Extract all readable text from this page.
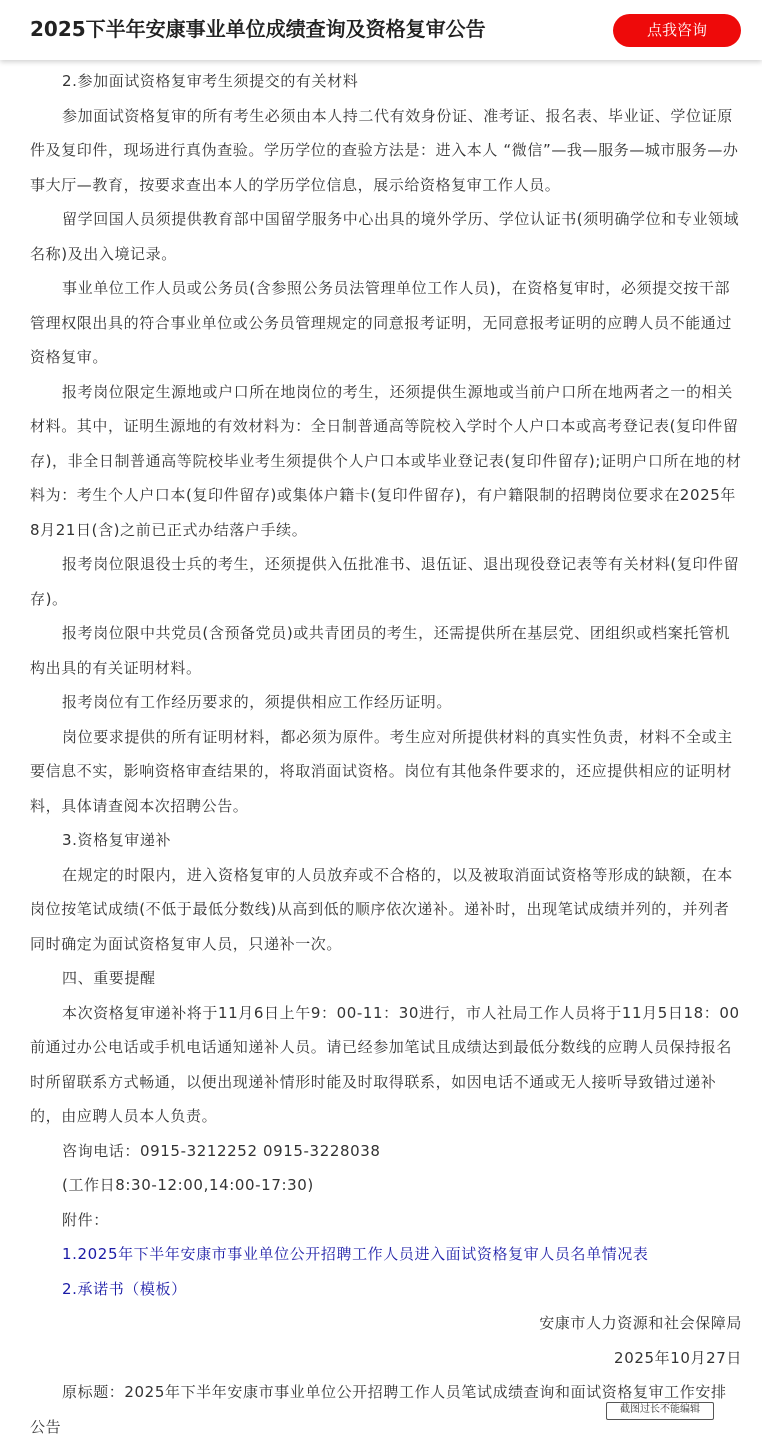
2025下半年安康事业单位成绩查询及资格复审公告	点我咨询

2.参加面试资格复审考生须提交的有关材料

参加面试资格复审的所有考生必须由本人持二代有效身份证、准考证、报名表、毕业证、学位证原件及复印件，现场进行真伪查验。学历学位的查验方法是：进入本人 “微信”—我—服务—城市服务—办事大厅—教育，按要求查出本人的学历学位信息，展示给资格复审工作人员。

留学回国人员须提供教育部中国留学服务中心出具的境外学历、学位认证书(须明确学位和专业领域名称)及出入境记录。

事业单位工作人员或公务员(含参照公务员法管理单位工作人员)，在资格复审时，必须提交按干部管理权限出具的符合事业单位或公务员管理规定的同意报考证明，无同意报考证明的应聘人员不能通过资格复审。

报考岗位限定生源地或户口所在地岗位的考生，还须提供生源地或当前户口所在地两者之一的相关材料。其中，证明生源地的有效材料为：全日制普通高等院校入学时个人户口本或高考登记表(复印件留存)，非全日制普通高等院校毕业考生须提供个人户口本或毕业登记表(复印件留存);证明户口所在地的材料为：考生个人户口本(复印件留存)或集体户籍卡(复印件留存)，有户籍限制的招聘岗位要求在2025年8月21日(含)之前已正式办结落户手续。

报考岗位限退役士兵的考生，还须提供入伍批准书、退伍证、退出现役登记表等有关材料(复印件留存)。

报考岗位限中共党员(含预备党员)或共青团员的考生，还需提供所在基层党、团组织或档案托管机构出具的有关证明材料。

报考岗位有工作经历要求的，须提供相应工作经历证明。

岗位要求提供的所有证明材料，都必须为原件。考生应对所提供材料的真实性负责，材料不全或主要信息不实，影响资格审查结果的，将取消面试资格。岗位有其他条件要求的，还应提供相应的证明材料，具体请查阅本次招聘公告。

3.资格复审递补

在规定的时限内，进入资格复审的人员放弃或不合格的，以及被取消面试资格等形成的缺额，在本岗位按笔试成绩(不低于最低分数线)从高到低的顺序依次递补。递补时，出现笔试成绩并列的，并列者同时确定为面试资格复审人员，只递补一次。

四、重要提醒

本次资格复审递补将于11月6日上午9：00-11：30进行，市人社局工作人员将于11月5日18：00前通过办公电话或手机电话通知递补人员。请已经参加笔试且成绩达到最低分数线的应聘人员保持报名时所留联系方式畅通，以便出现递补情形时能及时取得联系，如因电话不通或无人接听导致错过递补的，由应聘人员本人负责。

咨询电话：0915-3212252 0915-3228038

(工作日8:30-12:00,14:00-17:30)

附件：

1.2025年下半年安康市事业单位公开招聘工作人员进入面试资格复审人员名单情况表

2.承诺书（模板）

安康市人力资源和社会保障局

2025年10月27日

原标题：2025年下半年安康市事业单位公开招聘工作人员笔试成绩查询和面试资格复审工作安排公告

截图过长不能编辑
